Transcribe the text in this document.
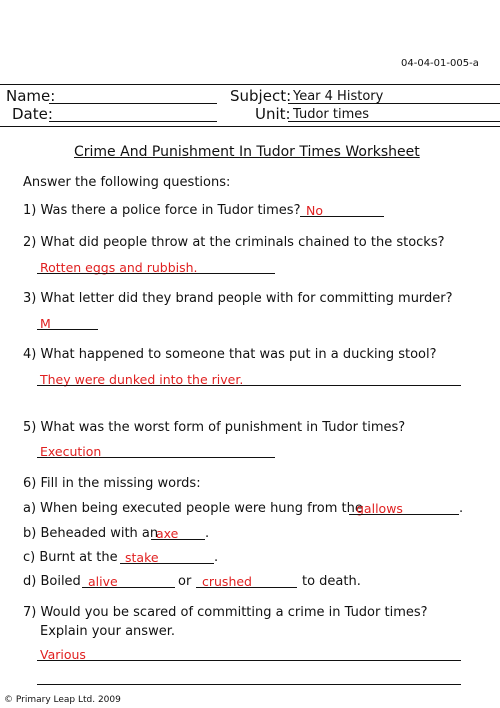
04-04-01-005-a
Name:	Subject: Year 4 History
Date:	Unit: Tudor times
Crime And Punishment In Tudor Times Worksheet
Answer the following questions:
1) Was there a police force in Tudor times? No
2) What did people throw at the criminals chained to the stocks?
Rotten eggs and rubbish.
3) What letter did they brand people with for committing murder?
M
4) What happened to someone that was put in a ducking stool?
They were dunked into the river.
5) What was the worst form of punishment in Tudor times?
Execution
6) Fill in the missing words:
a) When being executed people were hung from the
gallows	.
b) Beheaded with an
axe .
c) Burnt at the stake	.
d) Boiled alive	or crushed	to death.
7) Would you be scared of committing a crime in Tudor times?
Explain your answer.
Various
© Primary Leap Ltd. 2009
